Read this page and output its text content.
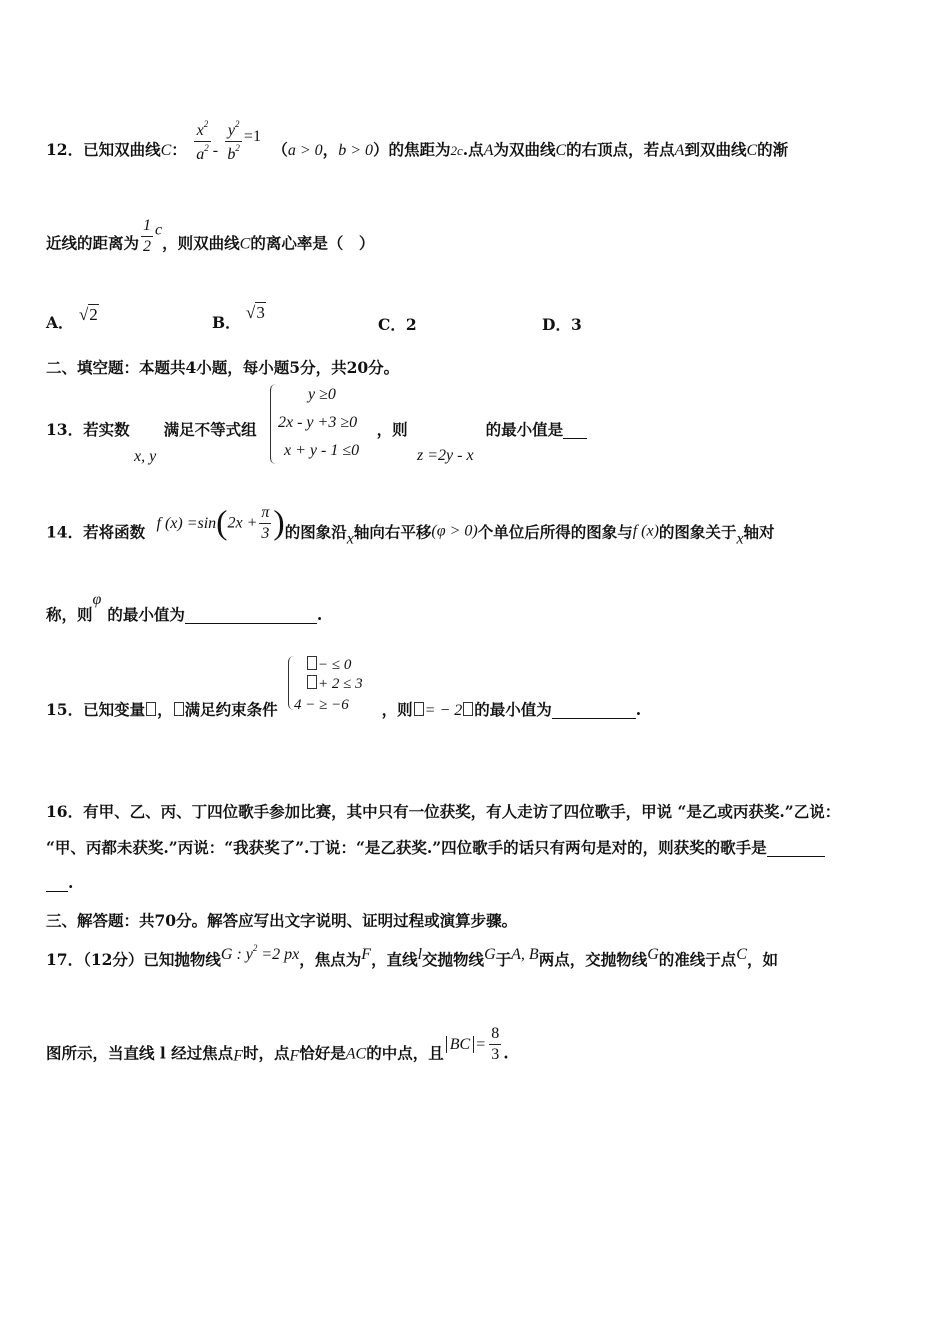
12．已知双曲线C： $\frac{x^2}{a^2} - \frac{y^2}{b^2} =1$ （a > 0，b > 0）的焦距为2c.点A为双曲线C的右顶点，若点A到双曲线C的渐
近线的距离为 $\frac{1}{2}$ c，则双曲线C的离心率是（　）
A． √2	B． √3
C．2	D．3
二、填空题：本题共4小题，每小题5分，共20分。
13．若实数 满足不等式组	，则	的最小值是
x, y
y ≥0
2x - y +3 ≥0
x + y - 1 ≤0	z =2y - x
14．若将函数 f $(x) =\sin(2x + \frac{\pi}{3}$ )的图象沿x轴向右平移(φ > 0)个单位后所得的图象与f (x)的图象关于x轴对
称，则φ的最小值为	.
15．已知变量 ， 满足约束条件	，则 = − 2 的最小值为	.
− ≤ 0
+ 2 ≤ 3
4 − ≥ −6
16．有甲、乙、丙、丁四位歌手参加比赛，其中只有一位获奖，有人走访了四位歌手，甲说 “是乙或丙获奖.”乙说：
“甲、丙都未获奖.”丙说：“我获奖了”.丁说：“是乙获奖.”四位歌手的话只有两句是对的，则获奖的歌手是
.
三、解答题：共70分。解答应写出文字说明、证明过程或演算步骤。
17．（12分）已知抛物线G : $y^2 =2$ px，焦点为F，直线l交抛物线G于A, B两点，交抛物线G的准线于点C，如
图所示，当直线 l 经过焦点F时，点F恰好是AC的中点，且 BC = $\frac{8}{3}$ .
